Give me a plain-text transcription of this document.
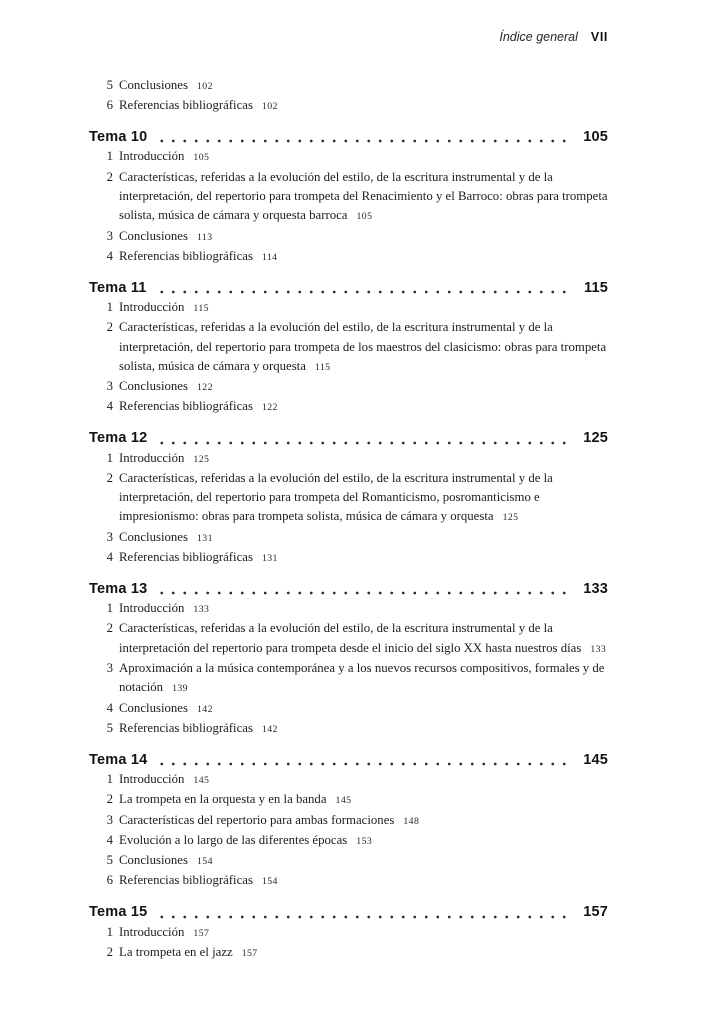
Índice general VII
5 Conclusiones 102
6 Referencias bibliográficas 102
Tema 10	105
1 Introducción 105
2 Características, referidas a la evolución del estilo, de la escritura instrumental y de la interpretación, del repertorio para trompeta del Renacimiento y el Barroco: obras para trompeta solista, música de cámara y orquesta barroca 105
3 Conclusiones 113
4 Referencias bibliográficas 114
Tema 11	115
1 Introducción 115
2 Características, referidas a la evolución del estilo, de la escritura instrumental y de la interpretación, del repertorio para trompeta de los maestros del clasicismo: obras para trompeta solista, música de cámara y orquesta 115
3 Conclusiones 122
4 Referencias bibliográficas 122
Tema 12	125
1 Introducción 125
2 Características, referidas a la evolución del estilo, de la escritura instrumental y de la interpretación, del repertorio para trompeta del Romanticismo, posromanticismo e impresionismo: obras para trompeta solista, música de cámara y orquesta 125
3 Conclusiones 131
4 Referencias bibliográficas 131
Tema 13	133
1 Introducción 133
2 Características, referidas a la evolución del estilo, de la escritura instrumental y de la interpretación del repertorio para trompeta desde el inicio del siglo XX hasta nuestros días 133
3 Aproximación a la música contemporánea y a los nuevos recursos compositivos, formales y de notación 139
4 Conclusiones 142
5 Referencias bibliográficas 142
Tema 14	145
1 Introducción 145
2 La trompeta en la orquesta y en la banda 145
3 Características del repertorio para ambas formaciones 148
4 Evolución a lo largo de las diferentes épocas 153
5 Conclusiones 154
6 Referencias bibliográficas 154
Tema 15	157
1 Introducción 157
2 La trompeta en el jazz 157
